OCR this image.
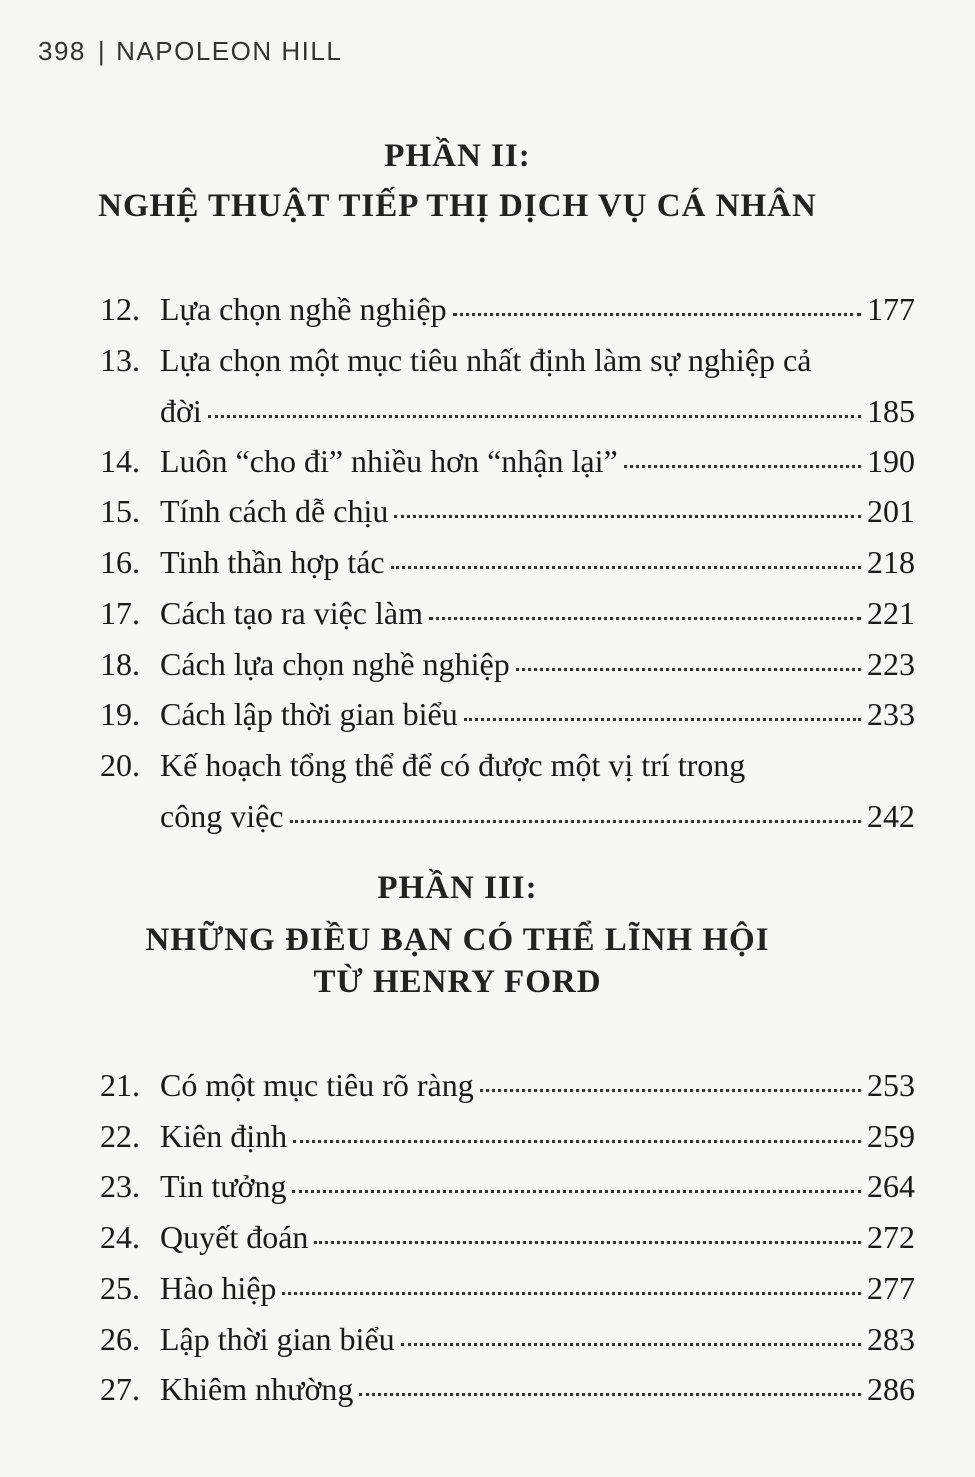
398 | NAPOLEON HILL
PHẦN II:
NGHỆ THUẬT TIẾP THỊ DỊCH VỤ CÁ NHÂN
PHẦN III:
NHỮNG ĐIỀU BẠN CÓ THỂ LĨNH HỘI
TỪ HENRY FORD
12. Lựa chọn nghề nghiệp	177
13. Lựa chọn một mục tiêu nhất định làm sự nghiệp cả
đời	185
14. Luôn “cho đi” nhiều hơn “nhận lại”	190
15. Tính cách dễ chịu	201
16. Tinh thần hợp tác	218
17. Cách tạo ra việc làm	221
18. Cách lựa chọn nghề nghiệp	223
19. Cách lập thời gian biểu	233
20. Kế hoạch tổng thể để có được một vị trí trong
công việc	242
21. Có một mục tiêu rõ ràng	253
22. Kiên định	259
23. Tin tưởng	264
24. Quyết đoán	272
25. Hào hiệp	277
26. Lập thời gian biểu	283
27. Khiêm nhường	286
